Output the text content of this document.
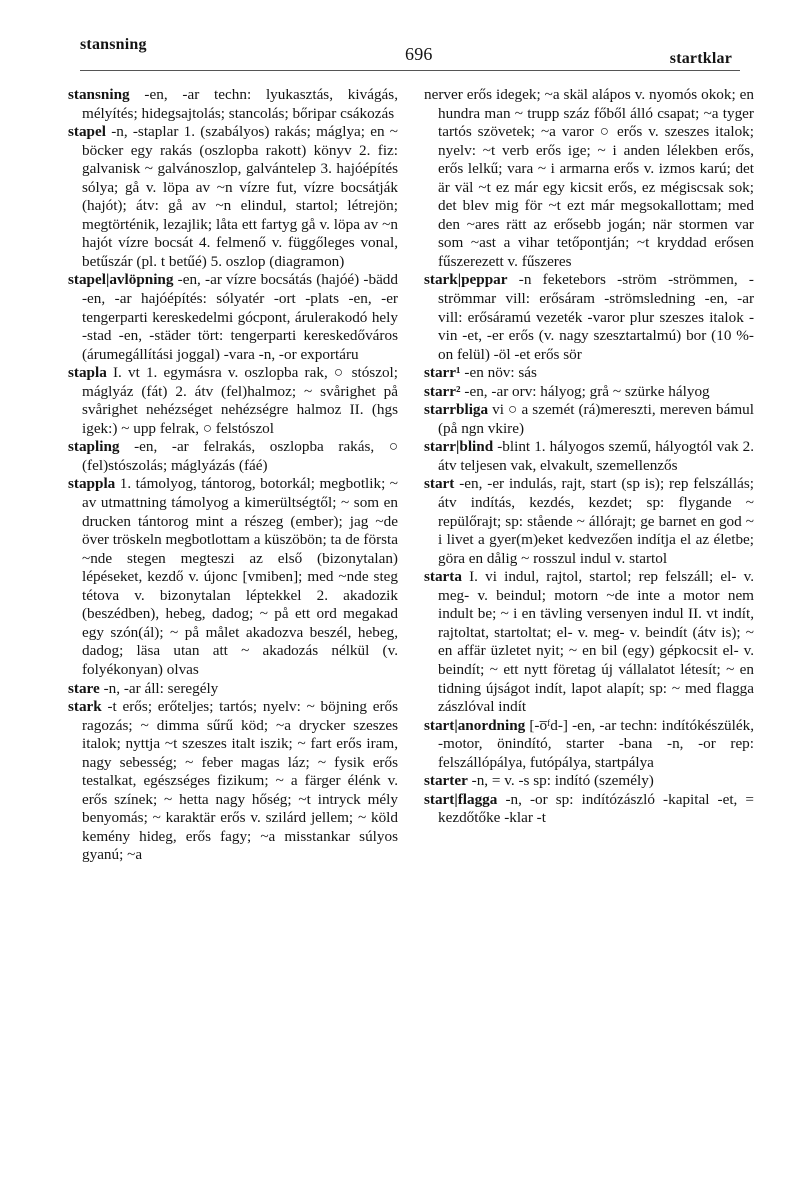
stansning	696	startklar

stansning -en, -ar techn: lyukasztás, kivágás, mélyítés; hidegsajtolás; stancolás; bőripar csákozás

stapel -n, -staplar 1. (szabályos) rakás; máglya; en ~ böcker egy rakás (oszlopba rakott) könyv 2. fiz: galvanisk ~ galvánoszlop, galvántelep 3. hajóépítés sólya; gå v. löpa av ~n vízre fut, vízre bocsátják (hajót); átv: gå av ~n elindul, startol; létrejön; megtörténik, lezajlik; låta ett fartyg gå v. löpa av ~n hajót vízre bocsát 4. felmenő v. függőleges vonal, betűszár (pl. t betűé) 5. oszlop (diagramon)

stapel|avlöpning -en, -ar vízre bocsátás (hajóé) -bädd -en, -ar hajóépítés: sólyatér -ort -plats -en, -er tengerparti kereskedelmi gócpont, árulerakodó hely -stad -en, -städer tört: tengerparti kereskedőváros (árumegállítási joggal) -vara -n, -or exportáru

stapla I. vt 1. egymásra v. oszlopba rak, ○ stószol; máglyáz (fát) 2. átv (fel)halmoz; ~ svårighet på svårighet nehézséget nehézségre halmoz II. (hgs igek:) ~ upp felrak, ○ felstószol

stapling -en, -ar felrakás, oszlopba rakás, ○ (fel)stószolás; máglyázás (fáé)

stappla 1. támolyog, tántorog, botorkál; megbotlik; ~ av utmattning támolyog a kimerültségtől; ~ som en drucken tántorog mint a részeg (ember); jag ~de över tröskeln megbotlottam a küszöbön; ta de första ~nde stegen megteszi az első (bizonytalan) lépéseket, kezdő v. újonc [vmiben]; med ~nde steg tétova v. bizonytalan léptekkel 2. akadozik (beszédben), hebeg, dadog; ~ på ett ord megakad egy szón(ál); ~ på målet akadozva beszél, hebeg, dadog; läsa utan att ~ akadozás nélkül (v. folyékonyan) olvas

stare -n, -ar áll: seregély

stark -t erős; erőteljes; tartós; nyelv: ~ böjning erős ragozás; ~ dimma sűrű köd; ~a drycker szeszes italok; nyttja ~t szeszes italt iszik; ~ fart erős iram, nagy sebesség; ~ feber magas láz; ~ fysik erős testalkat, egészséges fizikum; ~ a färger élénk v. erős színek; ~ hetta nagy hőség; ~t intryck mély benyomás; ~ karaktär erős v. szilárd jellem; ~ köld kemény hideg, erős fagy; ~a misstankar súlyos gyanú; ~a

nerver erős idegek; ~a skäl alápos v. nyomós okok; en hundra man ~ trupp száz főből álló csapat; ~a tyger tartós szövetek; ~a varor ○ erős v. szeszes italok; nyelv: ~t verb erős ige; ~ i anden lélekben erős, erős lelkű; vara ~ i armarna erős v. izmos karú; det är väl ~t ez már egy kicsit erős, ez mégiscsak sok; det blev mig för ~t ezt már megsokallottam; med den ~ares rätt az erősebb jogán; när stormen var som ~ast a vihar tetőpontján; ~t kryddad erősen fűszerezett v. fűszeres

stark|peppar -n feketebors -ström -strömmen, -strömmar vill: erősáram -strömsledning -en, -ar vill: erősáramú vezeték -varor plur szeszes italok -vin -et, -er erős (v. nagy szesztartalmú) bor (10 %-on felül) -öl -et erős sör

starr¹ -en növ: sás

starr² -en, -ar orv: hályog; grå ~ szürke hályog

starrbliga vi ○ a szemét (rá)mereszti, mereven bámul (på ngn vkire)

starr|blind -blint 1. hályogos szemű, hályogtól vak 2. átv teljesen vak, elvakult, szemellenzős

start -en, -er indulás, rajt, start (sp is); rep felszállás; átv indítás, kezdés, kezdet; sp: flygande ~ repülőrajt; sp: stående ~ állórajt; ge barnet en god ~ i livet a gyer(m)eket kedvezően indítja el az életbe; göra en dålig ~ rosszul indul v. startol

starta I. vi indul, rajtol, startol; rep felszáll; el- v. meg- v. beindul; motorn ~de inte a motor nem indult be; ~ i en tävling versenyen indul II. vt indít, rajtoltat, startoltat; el- v. meg- v. beindít (átv is); ~ en affär üzletet nyit; ~ en bil (egy) gépkocsit el- v. beindít; ~ ett nytt företag új vállalatot létesít; ~ en tidning újságot indít, lapot alapít; sp: ~ med flagga zászlóval indít

start|anordning [-o̅ᶠd-] -en, -ar techn: indítókészülék, -motor, önindító, starter -bana -n, -or rep: felszállópálya, futópálya, startpálya

starter -n, = v. -s sp: indító (személy)

start|flagga -n, -or sp: indítózászló -kapital -et, = kezdőtőke -klar -t
